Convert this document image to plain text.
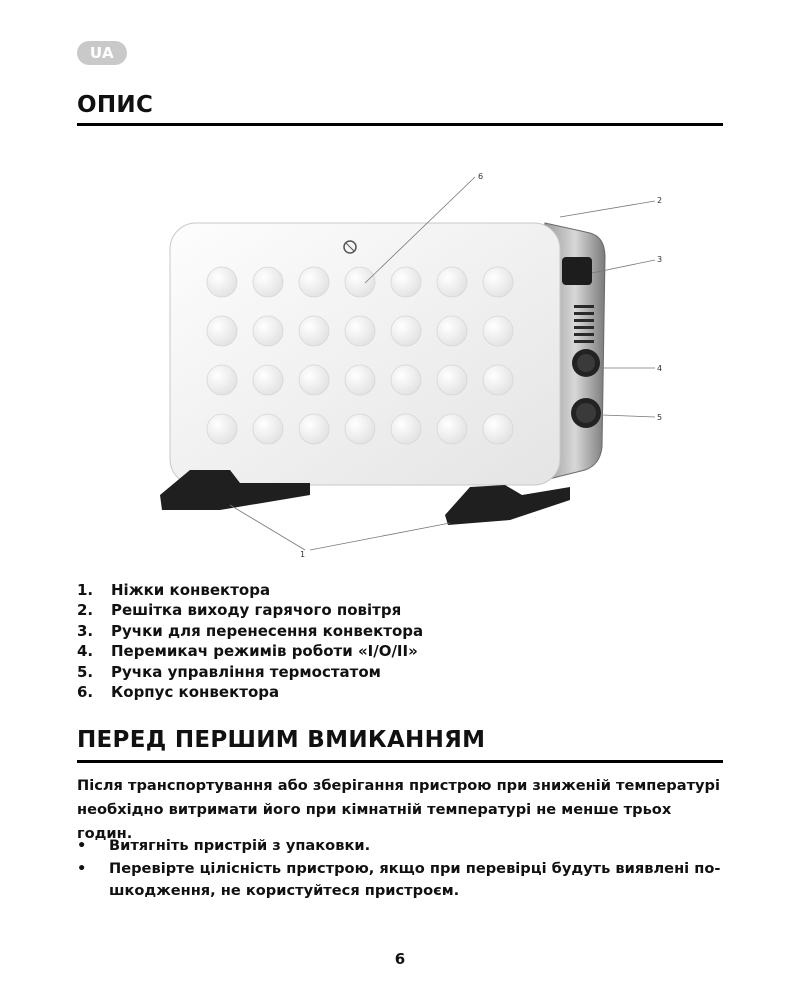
UA
ОПИС
6
2
3
4
5
1
1.	Ніжки конвектора
2.	Решітка виходу гарячого повітря
3.	Ручки для перенесення конвектора
4.	Перемикач режимів роботи «I/O/II»
5.	Ручка управління термостатом
6.	Корпус конвектора
ПЕРЕД ПЕРШИМ ВМИКАННЯМ

Після транспортування або зберігання пристрою при зниженій температурі
необхідно витримати його при кімнатній температурі не менше трьох годин.

•	Витягніть пристрій з упаковки.
•	Перевірте цілісність пристрою, якщо при перевірці будуть виявлені по-шкодження, не користуйтеся пристроєм.
6
